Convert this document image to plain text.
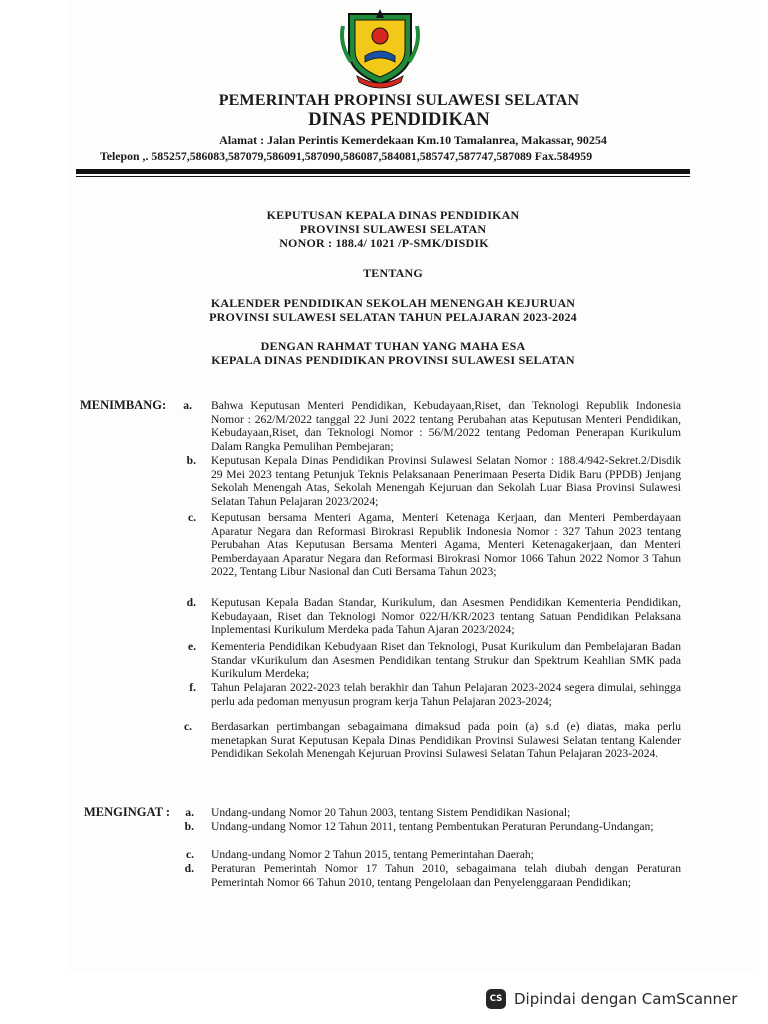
PEMERINTAH PROPINSI SULAWESI SELATAN
DINAS PENDIDIKAN
Alamat : Jalan Perintis Kemerdekaan Km.10 Tamalanrea, Makassar, 90254
Telepon ,. 585257,586083,587079,586091,587090,586087,584081,585747,587747,587089 Fax.584959
KEPUTUSAN KEPALA DINAS PENDIDIKAN
PROVINSI SULAWESI SELATAN
NONOR : 188.4/ 1021 /P-SMK/DISDIK
TENTANG
KALENDER PENDIDIKAN SEKOLAH MENENGAH KEJURUAN
PROVINSI SULAWESI SELATAN TAHUN PELAJARAN 2023-2024
DENGAN RAHMAT TUHAN YANG MAHA ESA
KEPALA DINAS PENDIDIKAN PROVINSI SULAWESI SELATAN
MENIMBANG:	a. Bahwa Keputusan Menteri Pendidikan, Kebudayaan,Riset, dan Teknologi Republik Indonesia Nomor : 262/M/2022 tanggal 22 Juni 2022 tentang Perubahan atas Keputusan Menteri Pendidikan, Kebudayaan,Riset, dan Teknologi Nomor : 56/M/2022 tentang Pedoman Penerapan Kurikulum Dalam Rangka Pemulihan Pembejaran;
b. Keputusan Kepala Dinas Pendidikan Provinsi Sulawesi Selatan Nomor : 188.4/942-Sekret.2/Disdik 29 Mei 2023 tentang Petunjuk Teknis Pelaksanaan Penerimaan Peserta Didik Baru (PPDB) Jenjang Sekolah Menengah Atas, Sekolah Menengah Kejuruan dan Sekolah Luar Biasa Provinsi Sulawesi Selatan Tahun Pelajaran 2023/2024;
c. Keputusan bersama Menteri Agama, Menteri Ketenaga Kerjaan, dan Menteri Pemberdayaan Aparatur Negara dan Reformasi Birokrasi Republik Indonesia Nomor : 327 Tahun 2023 tentang Perubahan Atas Keputusan Bersama Menteri Agama, Menteri Ketenagakerjaan, dan Menteri Pemberdayaan Aparatur Negara dan Reformasi Birokrasi Nomor 1066 Tahun 2022 Nomor 3 Tahun 2022, Tentang Libur Nasional dan Cuti Bersama Tahun 2023;
d. Keputusan Kepala Badan Standar, Kurikulum, dan Asesmen Pendidikan Kementeria Pendidikan, Kebudayaan, Riset dan Teknologi Nomor 022/H/KR/2023 tentang Satuan Pendidikan Pelaksana Inplementasi Kurikulum Merdeka pada Tahun Ajaran 2023/2024;
e. Kementeria Pendidikan Kebudyaan Riset dan Teknologi, Pusat Kurikulum dan Pembelajaran Badan Standar vKurikulum dan Asesmen Pendidikan tentang Strukur dan Spektrum Keahlian SMK pada Kurikulum Merdeka;
f. Tahun Pelajaran 2022-2023 telah berakhir dan Tahun Pelajaran 2023-2024 segera dimulai, sehingga perlu ada pedoman menyusun program kerja Tahun Pelajaran 2023-2024;
c. Berdasarkan pertimbangan sebagaimana dimaksud pada poin (a) s.d (e) diatas, maka perlu menetapkan Surat Keputusan Kepala Dinas Pendidikan Provinsi Sulawesi Selatan tentang Kalender Pendidikan Sekolah Menengah Kejuruan Provinsi Sulawesi Selatan Tahun Pelajaran 2023-2024.
MENGINGAT :	a. Undang-undang Nomor 20 Tahun 2003, tentang Sistem Pendidikan Nasional;
b. Undang-undang Nomor 12 Tahun 2011, tentang Pembentukan Peraturan Perundang-Undangan;
c. Undang-undang Nomor 2 Tahun 2015, tentang Pemerintahan Daerah;
d. Peraturan Pemerintah Nomor 17 Tahun 2010, sebagaimana telah diubah dengan Peraturan Pemerintah Nomor 66 Tahun 2010, tentang Pengelolaan dan Penyelenggaraan Pendidikan;
CS Dipindai dengan CamScanner
